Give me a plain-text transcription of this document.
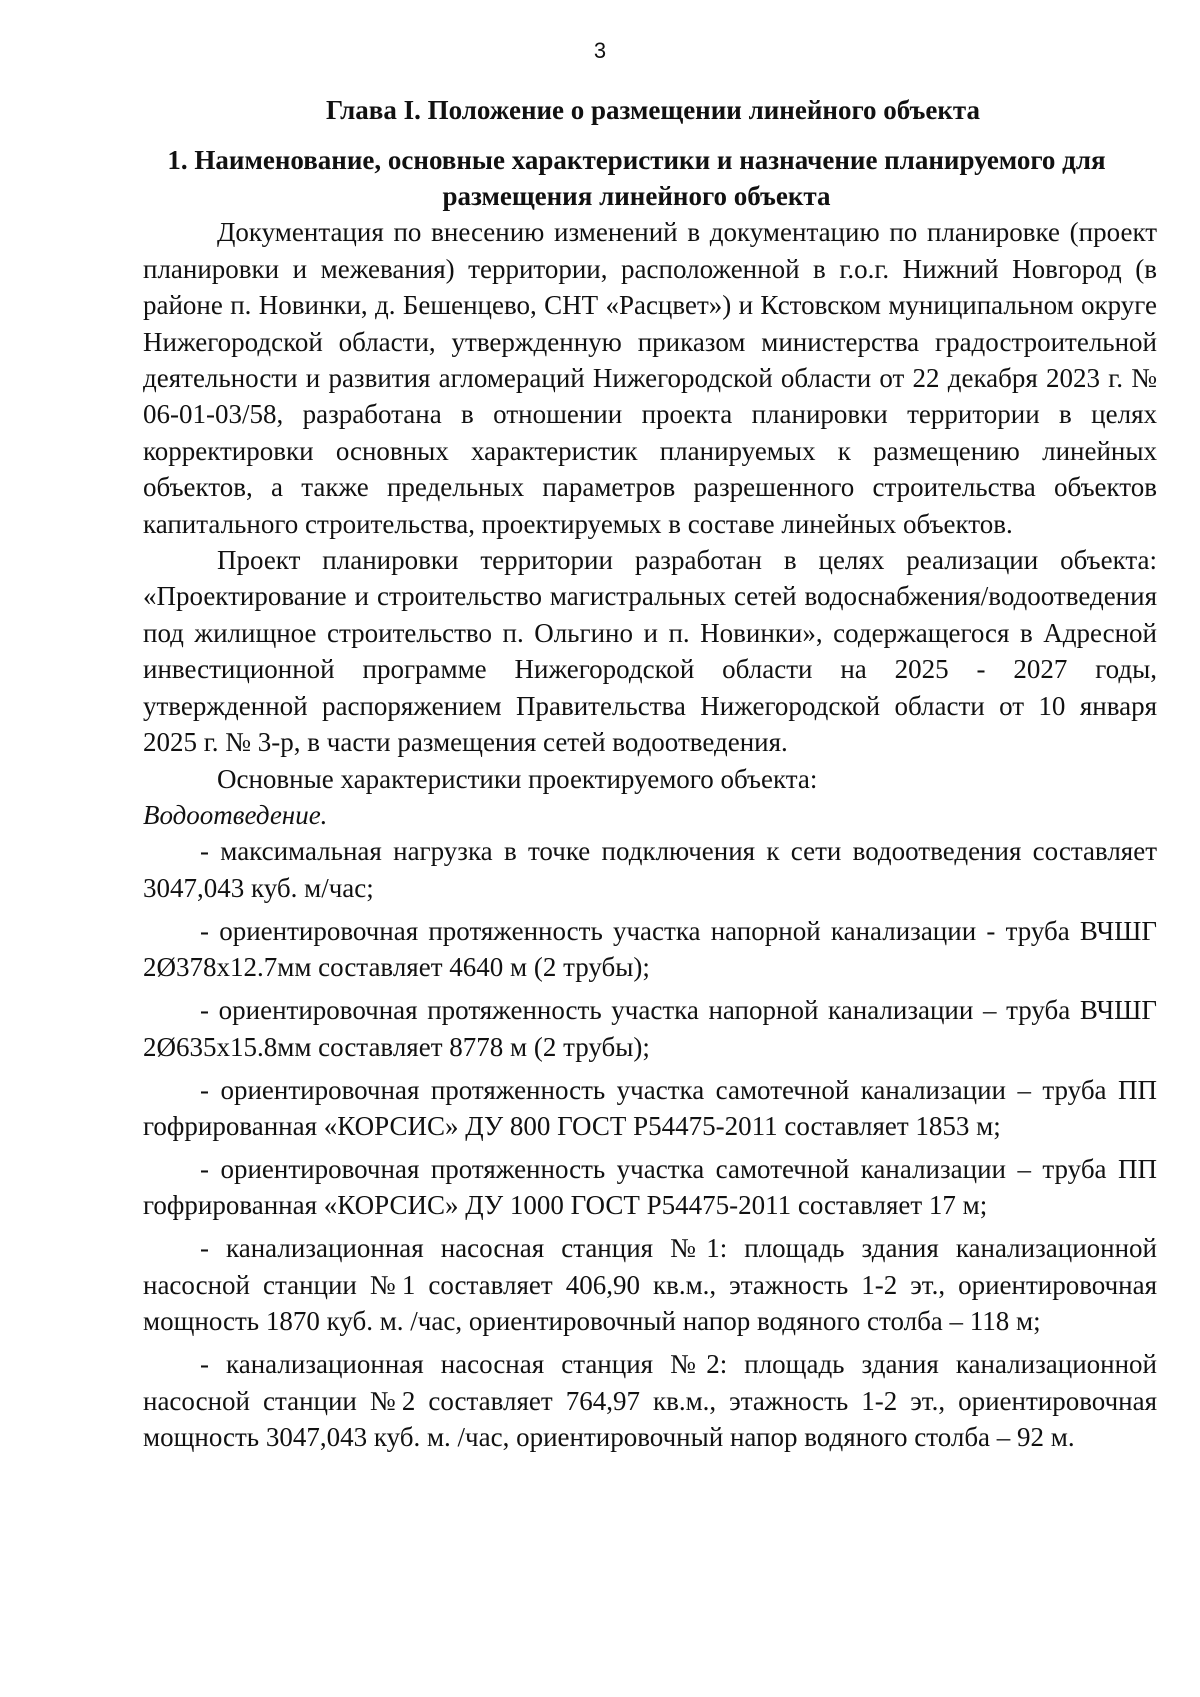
3
Глава I. Положение о размещении линейного объекта
1. Наименование, основные характеристики и назначение планируемого для размещения линейного объекта

Документация по внесению изменений в документацию по планировке (проект планировки и межевания) территории, расположенной в г.о.г. Нижний Новгород (в районе п. Новинки, д. Бешенцево, СНТ «Расцвет») и Кстовском муниципальном округе Нижегородской области, утвержденную приказом министерства градостроительной деятельности и развития агломераций Нижегородской области от 22 декабря 2023 г. № 06-01-03/58, разработана в отношении проекта планировки территории в целях корректировки основных характеристик планируемых к размещению линейных объектов, а также предельных параметров разрешенного строительства объектов капитального строительства, проектируемых в составе линейных объектов.

Проект планировки территории разработан в целях реализации объекта: «Проектирование и строительство магистральных сетей водоснабжения/водоотведения под жилищное строительство п. Ольгино и п. Новинки», содержащегося в Адресной инвестиционной программе Нижегородской области на 2025 - 2027 годы, утвержденной распоряжением Правительства Нижегородской области от 10 января 2025 г. № 3-р, в части размещения сетей водоотведения.

Основные характеристики проектируемого объекта:

Водоотведение.

- максимальная нагрузка в точке подключения к сети водоотведения составляет 3047,043 куб. м/час;

- ориентировочная протяженность участка напорной канализации - труба ВЧШГ 2Ø378x12.7мм составляет 4640 м (2 трубы);

- ориентировочная протяженность участка напорной канализации – труба ВЧШГ 2Ø635x15.8мм составляет 8778 м (2 трубы);

- ориентировочная протяженность участка самотечной канализации – труба ПП гофрированная «КОРСИС» ДУ 800 ГОСТ Р54475-2011 составляет 1853 м;

- ориентировочная протяженность участка самотечной канализации – труба ПП гофрированная «КОРСИС» ДУ 1000 ГОСТ Р54475-2011 составляет 17 м;

- канализационная насосная станция №1: площадь здания канализационной насосной станции №1 составляет 406,90 кв.м., этажность 1-2 эт., ориентировочная мощность 1870 куб. м. /час, ориентировочный напор водяного столба – 118 м;

- канализационная насосная станция №2: площадь здания канализационной насосной станции №2 составляет 764,97 кв.м., этажность 1-2 эт., ориентировочная мощность 3047,043 куб. м. /час, ориентировочный напор водяного столба – 92 м.
